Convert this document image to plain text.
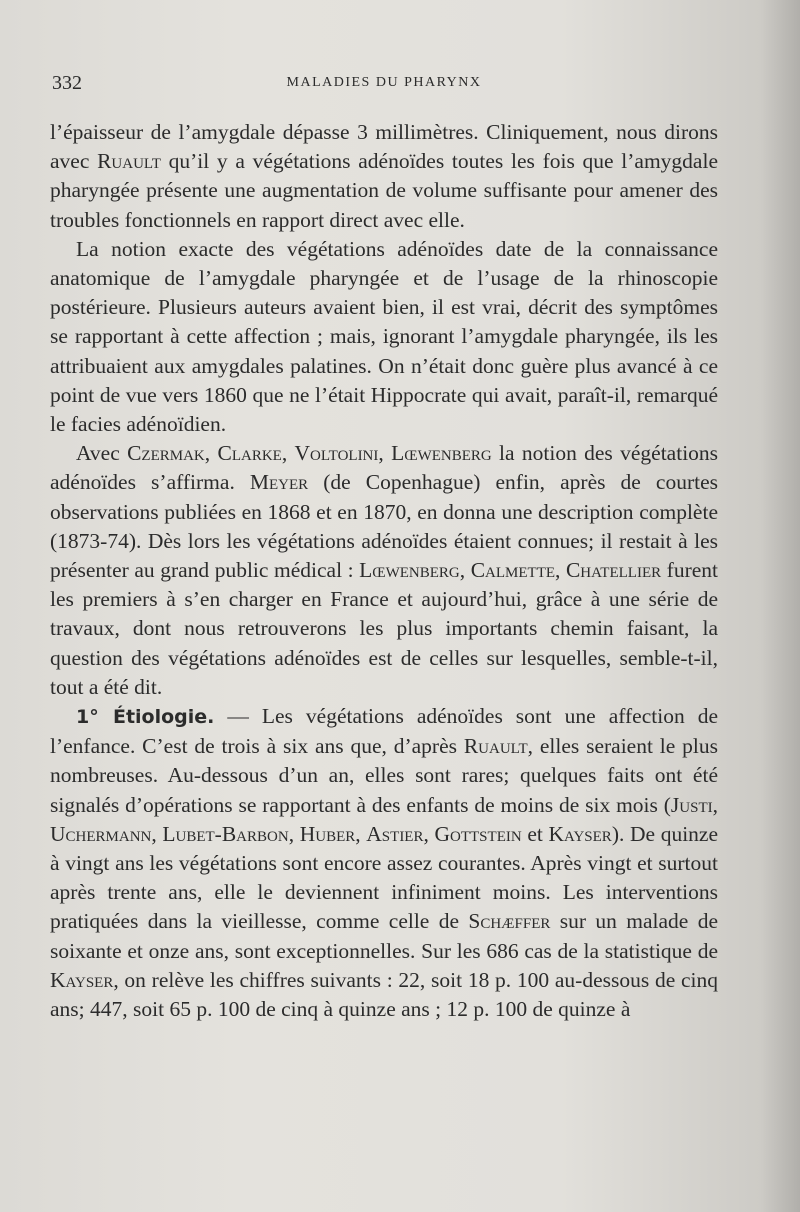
332	MALADIES DU PHARYNX

l’épaisseur de l’amygdale dépasse 3 millimètres. Cliniquement, nous dirons avec Ruault qu’il y a végétations adénoïdes toutes les fois que l’amygdale pharyngée présente une augmentation de volume suffisante pour amener des troubles fonctionnels en rapport direct avec elle.

La notion exacte des végétations adénoïdes date de la connaissance anatomique de l’amygdale pharyngée et de l’usage de la rhinoscopie postérieure. Plusieurs auteurs avaient bien, il est vrai, décrit des symptômes se rapportant à cette affection ; mais, ignorant l’amygdale pharyngée, ils les attribuaient aux amygdales palatines. On n’était donc guère plus avancé à ce point de vue vers 1860 que ne l’était Hippocrate qui avait, paraît-il, remarqué le facies adénoïdien.

Avec Czermak, Clarke, Voltolini, Lœwenberg la notion des végétations adénoïdes s’affirma. Meyer (de Copenhague) enfin, après de courtes observations publiées en 1868 et en 1870, en donna une description complète (1873-74). Dès lors les végétations adénoïdes étaient connues; il restait à les présenter au grand public médical : Lœwenberg, Calmette, Chatellier furent les premiers à s’en charger en France et aujourd’hui, grâce à une série de travaux, dont nous retrouverons les plus importants chemin faisant, la question des végétations adénoïdes est de celles sur lesquelles, semble-t-il, tout a été dit.

1° Étiologie. — Les végétations adénoïdes sont une affection de l’enfance. C’est de trois à six ans que, d’après Ruault, elles seraient le plus nombreuses. Au-dessous d’un an, elles sont rares; quelques faits ont été signalés d’opérations se rapportant à des enfants de moins de six mois (Justi, Uchermann, Lubet-Barbon, Huber, Astier, Gottstein et Kayser). De quinze à vingt ans les végétations sont encore assez courantes. Après vingt et surtout après trente ans, elle le deviennent infiniment moins. Les interventions pratiquées dans la vieillesse, comme celle de Schæffer sur un malade de soixante et onze ans, sont exceptionnelles. Sur les 686 cas de la statistique de Kayser, on relève les chiffres suivants : 22, soit 18 p. 100 au-dessous de cinq ans; 447, soit 65 p. 100 de cinq à quinze ans ; 12 p. 100 de quinze à
